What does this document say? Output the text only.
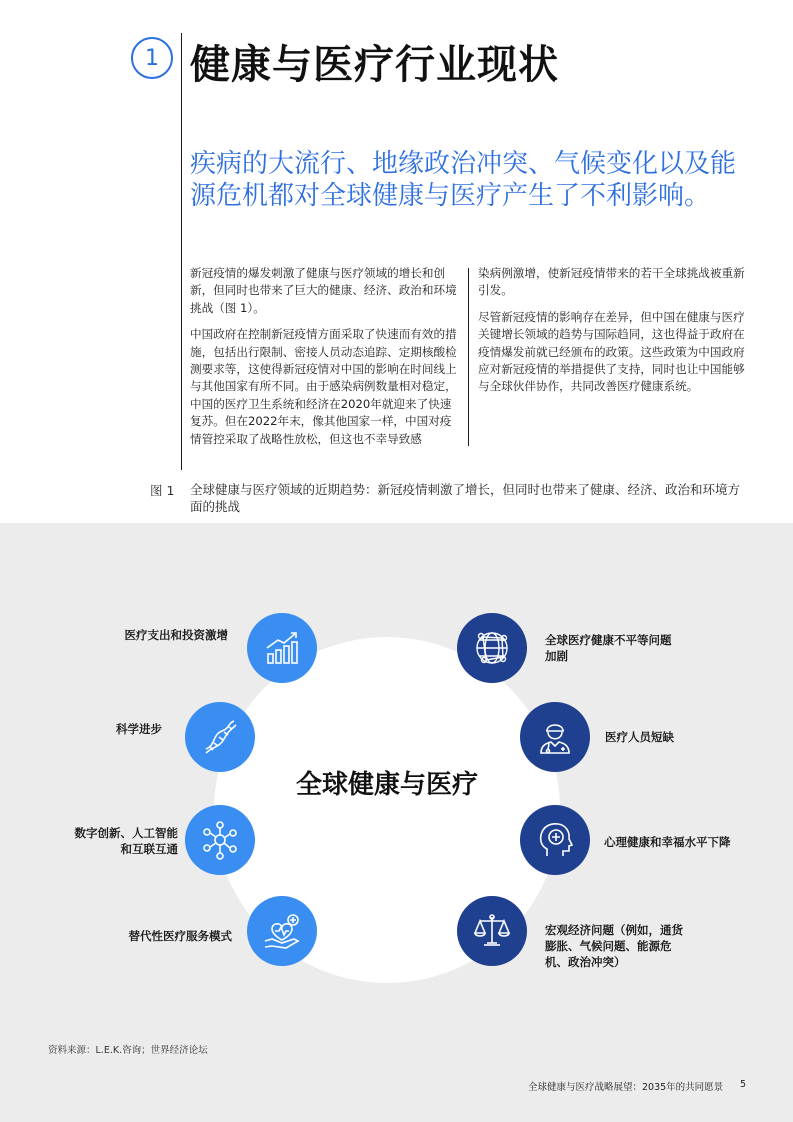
1 健康与医疗行业现状
疾病的大流行、地缘政治冲突、气候变化以及能源危机都对全球健康与医疗产生了不利影响。

新冠疫情的爆发刺激了健康与医疗领域的增长和创新，但同时也带来了巨大的健康、经济、政治和环境挑战（图 1）。

中国政府在控制新冠疫情方面采取了快速而有效的措施，包括出行限制、密接人员动态追踪、定期核酸检测要求等，这使得新冠疫情对中国的影响在时间线上与其他国家有所不同。由于感染病例数量相对稳定，中国的医疗卫生系统和经济在2020年就迎来了快速复苏。但在2022年末，像其他国家一样，中国对疫情管控采取了战略性放松，但这也不幸导致感

染病例激增，使新冠疫情带来的若干全球挑战被重新引发。

尽管新冠疫情的影响存在差异，但中国在健康与医疗关键增长领域的趋势与国际趋同，这也得益于政府在疫情爆发前就已经颁布的政策。这些政策为中国政府应对新冠疫情的举措提供了支持，同时也让中国能够与全球伙伴协作，共同改善医疗健康系统。

图 1 全球健康与医疗领域的近期趋势：新冠疫情刺激了增长，但同时也带来了健康、经济、政治和环境方面的挑战
全球健康与医疗
医疗支出和投资激增
科学进步
数字创新、人工智能和互联互通
替代性医疗服务模式
全球医疗健康不平等问题加剧
医疗人员短缺
心理健康和幸福水平下降
宏观经济问题（例如，通货膨胀、气候问题、能源危机、政治冲突）
资料来源：L.E.K.咨询；世界经济论坛
全球健康与医疗战略展望：2035年的共同愿景 5
